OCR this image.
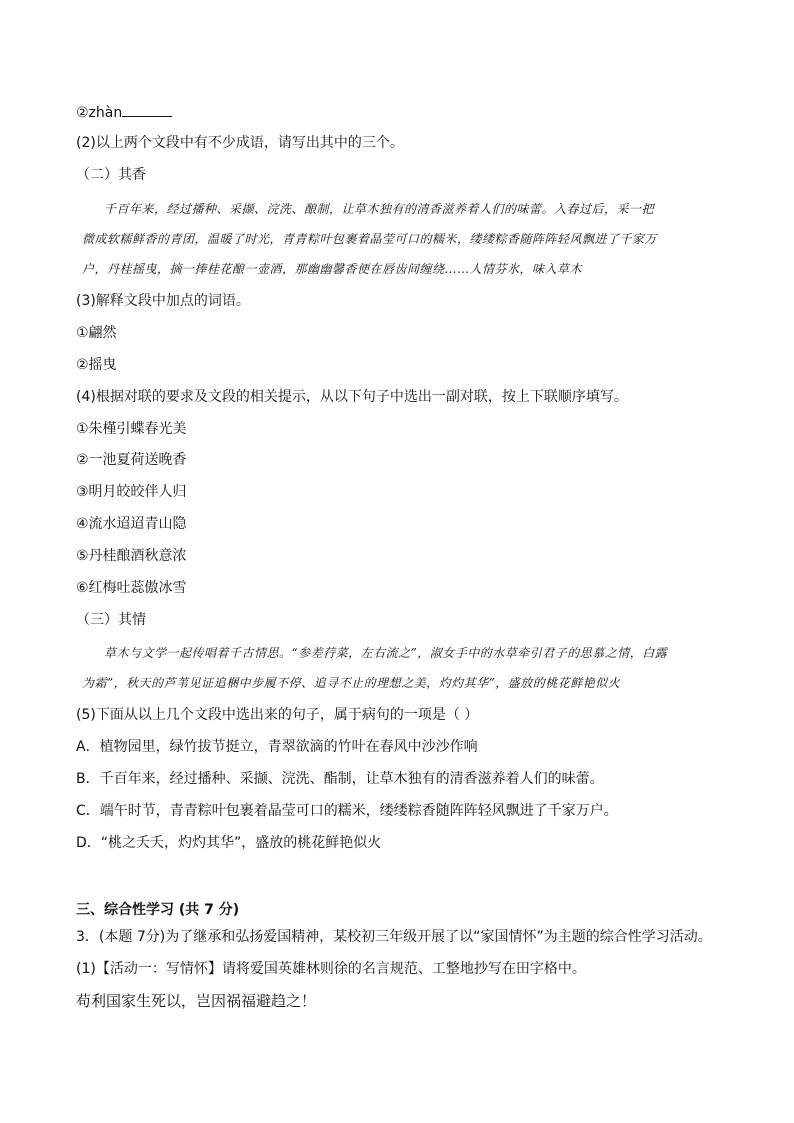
②zhàn
(2)以上两个文段中有不少成语，请写出其中的三个。
（二）其香
千百年来，经过播种、采撷、浣洗、酿制，让草木独有的清香滋养着人们的味蕾。入春过后，采一把
微成软糯鲜香的青团，温暖了时光，青青粽叶包裹着晶莹可口的糯米，缕缕粽香随阵阵轻风飘进了千家万
户，丹桂摇曳，摘一捧桂花酿一壶酒，那幽幽馨香便在唇齿间缠绕……人情芬氷，味入草木
(3)解释文段中加点的词语。
①翩然
②摇曳
(4)根据对联的要求及文段的相关提示，从以下句子中选出一副对联，按上下联顺序填写。
①朱槿引蝶春光美
②一池夏荷送晚香
③明月皎皎伴人归
④流水迢迢青山隐
⑤丹桂酿酒秋意浓
⑥红梅吐蕊傲冰雪
（三）其情
草木与文学一起传唱着千古情思。“参差荇菜，左右流之”，淑女手中的水草牵引君子的思慕之情，白露
为霜”，秋天的芦苇见证追梱中步履不停、追寻不止的理想之美，灼灼其华”，盛放的桃花鲜艳似火
(5)下面从以上几个文段中选出来的句子，属于病句的一项是（ ）
A．植物园里，绿竹拔节挺立，青翠欲滴的竹叶在春风中沙沙作响
B．千百年来，经过播种、采撷、浣洗、酯制，让草木独有的清香滋养着人们的味蕾。
C．端午时节，青青粽叶包裹着晶莹可口的糯米，缕缕粽香随阵阵轻风飘进了千家万户。
D．“桃之夭夭，灼灼其华”，盛放的桃花鲜艳似火
三、综合性学习 (共 7 分)
3．(本题 7分)为了继承和弘扬爱国精神，某校初三年级开展了以“家国情怀”为主题的综合性学习活动。
(1)【活动一：写情怀】请将爱国英雄林则徐的名言规范、工整地抄写在田字格中。
苟利国家生死以，岂因祸福避趋之！
